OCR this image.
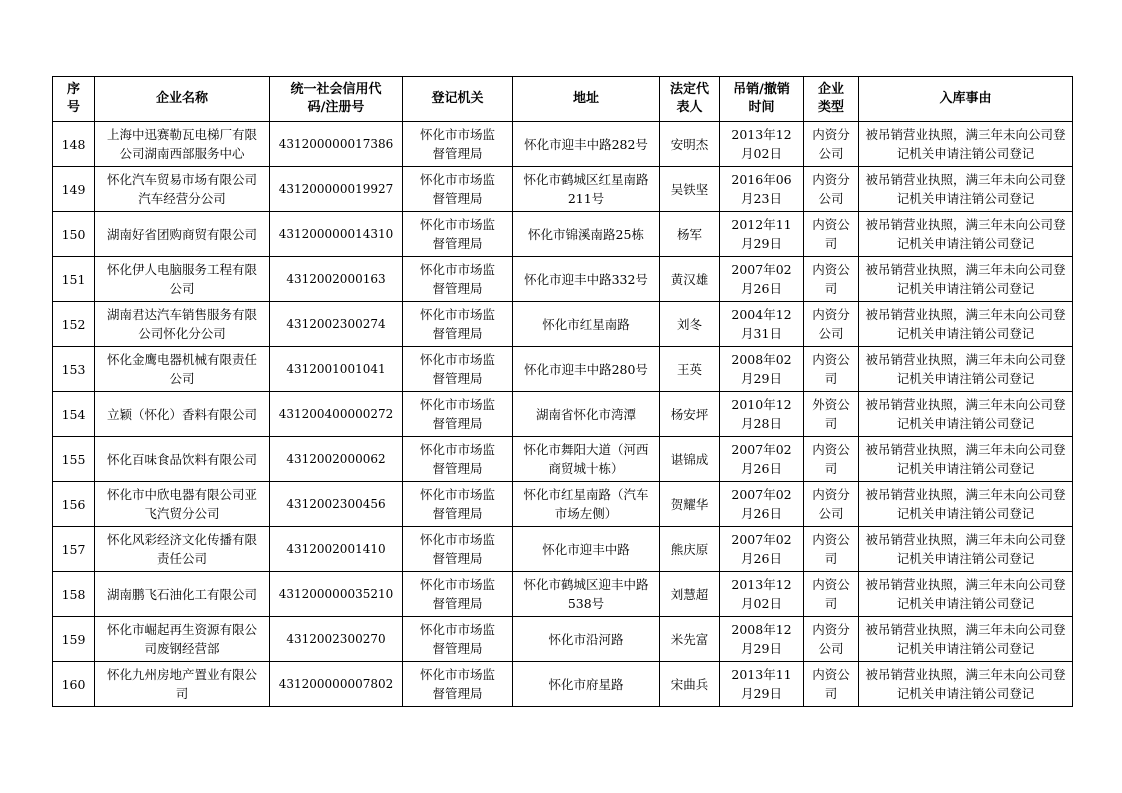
序号	企业名称	统一社会信用代码/注册号	登记机关	地址	法定代表人	吊销/撤销时间	企业类型	入库事由
148	上海中迅赛勒瓦电梯厂有限公司湖南西部服务中心	431200000017386	怀化市市场监督管理局	怀化市迎丰中路282号	安明杰	2013年12月02日	内资分公司	被吊销营业执照，满三年未向公司登记机关申请注销公司登记
149	怀化汽车贸易市场有限公司汽车经营分公司	431200000019927	怀化市市场监督管理局	怀化市鹤城区红星南路211号	吴铁坚	2016年06月23日	内资分公司	被吊销营业执照，满三年未向公司登记机关申请注销公司登记
150	湖南好省团购商贸有限公司	431200000014310	怀化市市场监督管理局	怀化市锦溪南路25栋	杨军	2012年11月29日	内资公司	被吊销营业执照，满三年未向公司登记机关申请注销公司登记
151	怀化伊人电脑服务工程有限公司	4312002000163	怀化市市场监督管理局	怀化市迎丰中路332号	黄汉雄	2007年02月26日	内资公司	被吊销营业执照，满三年未向公司登记机关申请注销公司登记
152	湖南君达汽车销售服务有限公司怀化分公司	4312002300274	怀化市市场监督管理局	怀化市红星南路	刘冬	2004年12月31日	内资分公司	被吊销营业执照，满三年未向公司登记机关申请注销公司登记
153	怀化金鹰电器机械有限责任公司	4312001001041	怀化市市场监督管理局	怀化市迎丰中路280号	王英	2008年02月29日	内资公司	被吊销营业执照，满三年未向公司登记机关申请注销公司登记
154	立颖（怀化）香料有限公司	431200400000272	怀化市市场监督管理局	湖南省怀化市湾潭	杨安坪	2010年12月28日	外资公司	被吊销营业执照，满三年未向公司登记机关申请注销公司登记
155	怀化百味食品饮料有限公司	4312002000062	怀化市市场监督管理局	怀化市舞阳大道（河西商贸城十栋）	谌锦成	2007年02月26日	内资公司	被吊销营业执照，满三年未向公司登记机关申请注销公司登记
156	怀化市中欣电器有限公司亚飞汽贸分公司	4312002300456	怀化市市场监督管理局	怀化市红星南路（汽车市场左侧）	贺耀华	2007年02月26日	内资分公司	被吊销营业执照，满三年未向公司登记机关申请注销公司登记
157	怀化风彩经济文化传播有限责任公司	4312002001410	怀化市市场监督管理局	怀化市迎丰中路	熊庆原	2007年02月26日	内资公司	被吊销营业执照，满三年未向公司登记机关申请注销公司登记
158	湖南鹏飞石油化工有限公司	431200000035210	怀化市市场监督管理局	怀化市鹤城区迎丰中路538号	刘慧超	2013年12月02日	内资公司	被吊销营业执照，满三年未向公司登记机关申请注销公司登记
159	怀化市崛起再生资源有限公司废钢经营部	4312002300270	怀化市市场监督管理局	怀化市沿河路	米先富	2008年12月29日	内资分公司	被吊销营业执照，满三年未向公司登记机关申请注销公司登记
160	怀化九州房地产置业有限公司	431200000007802	怀化市市场监督管理局	怀化市府星路	宋曲兵	2013年11月29日	内资公司	被吊销营业执照，满三年未向公司登记机关申请注销公司登记
